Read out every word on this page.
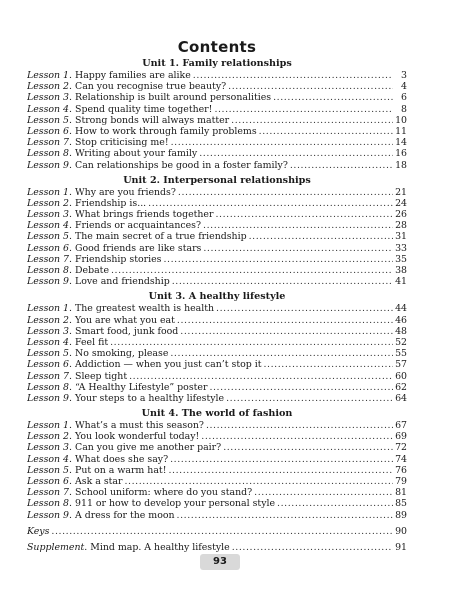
Contents
Unit 1. Family relationships
Lesson 1. Happy families are alike . . .	3
Lesson 2. Can you recognise true beauty? . . .	4
Lesson 3. Relationship is built around personalities . . .	6
Lesson 4. Spend quality time together! . . .	8
Lesson 5. Strong bonds will always matter . . .	10
Lesson 6. How to work through family problems . . .	11
Lesson 7. Stop criticising me! . . .	14
Lesson 8. Writing about your family . . .	16
Lesson 9. Can relationships be good in a foster family? . . .	18
Unit 2. Interpersonal relationships
Lesson 1. Why are you friends? . . .	21
Lesson 2. Friendship is... . . .	24
Lesson 3. What brings friends together . . .	26
Lesson 4. Friends or acquaintances? . . .	28
Lesson 5. The main secret of a true friendship . . .	31
Lesson 6. Good friends are like stars . . .	33
Lesson 7. Friendship stories . . .	35
Lesson 8. Debate . . .	38
Lesson 9. Love and friendship . . .	41
Unit 3. A healthy lifestyle
Lesson 1. The greatest wealth is health . . .	44
Lesson 2. You are what you eat . . .	46
Lesson 3. Smart food, junk food . . .	48
Lesson 4. Feel fit . . .	52
Lesson 5. No smoking, please . . .	55
Lesson 6. Addiction — when you just can’t stop it . . .	57
Lesson 7. Sleep tight . . .	60
Lesson 8. “A Healthy Lifestyle” poster . . .	62
Lesson 9. Your steps to a healthy lifestyle . . .	64
Unit 4. The world of fashion
Lesson 1. What’s a must this season? . . .	67
Lesson 2. You look wonderful today! . . .	69
Lesson 3. Can you give me another pair? . . .	72
Lesson 4. What does she say? . . .	74
Lesson 5. Put on a warm hat! . . .	76
Lesson 6. Ask a star . . .	79
Lesson 7. School uniform: where do you stand? . . .	81
Lesson 8. 911 or how to develop your personal style . . .	85
Lesson 9. A dress for the moon . . .	89
Keys . . .	90
Supplement. Mind map. A healthy lifestyle . . .	91
93
